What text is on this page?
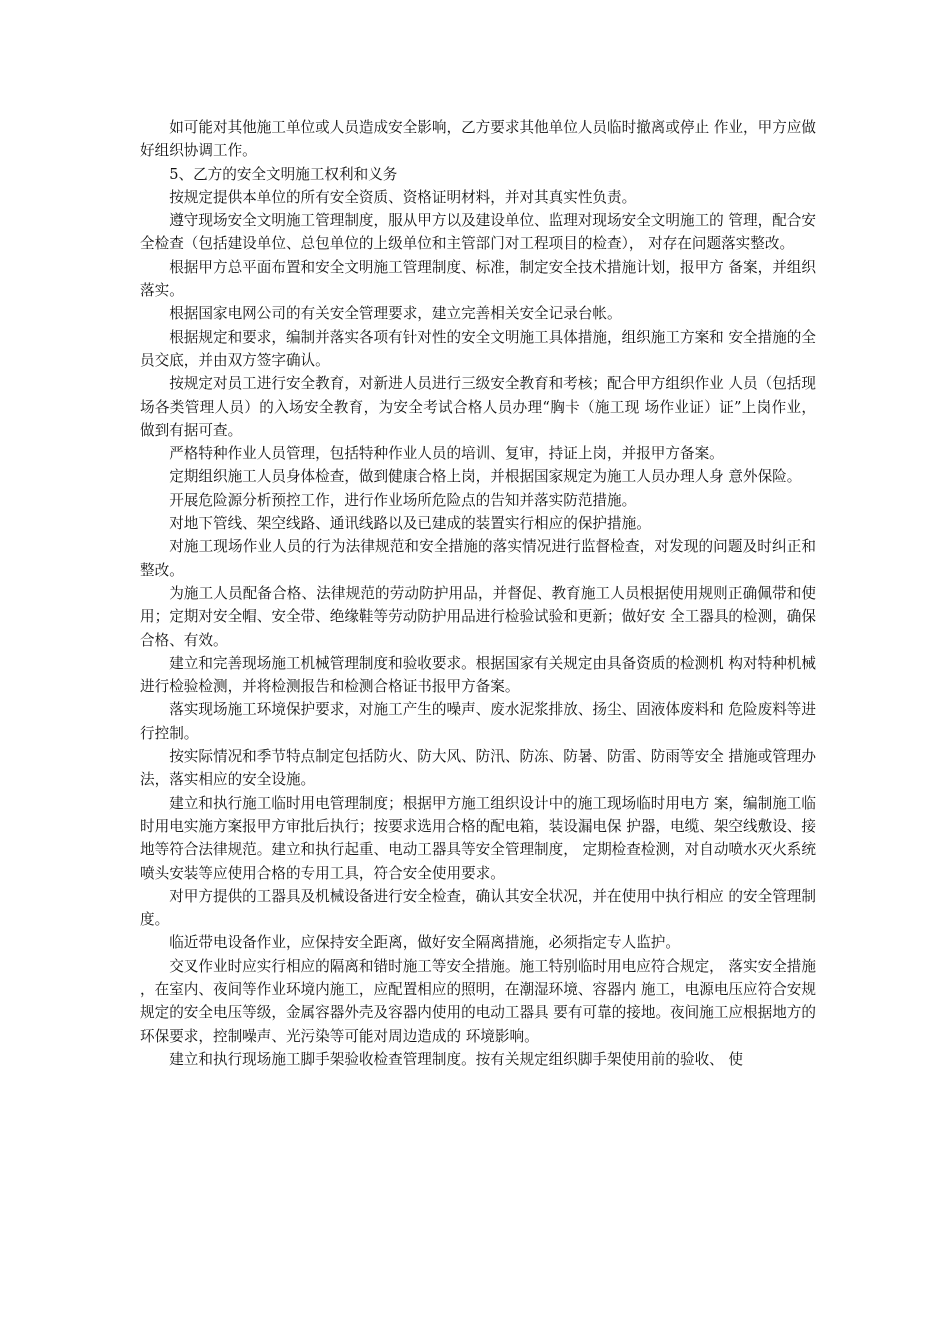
如可能对其他施工单位或人员造成安全影响，乙方要求其他单位人员临时撤离或停止 作业，甲方应做好组织协调工作。

5、乙方的安全文明施工权利和义务

按规定提供本单位的所有安全资质、资格证明材料，并对其真实性负责。

遵守现场安全文明施工管理制度，服从甲方以及建设单位、监理对现场安全文明施工的 管理，配合安全检查（包括建设单位、总包单位的上级单位和主管部门对工程项目的检查）， 对存在问题落实整改。

根据甲方总平面布置和安全文明施工管理制度、标准，制定安全技术措施计划，报甲方 备案，并组织落实。

根据国家电网公司的有关安全管理要求，建立完善相关安全记录台帐。

根据规定和要求，编制并落实各项有针对性的安全文明施工具体措施，组织施工方案和 安全措施的全员交底，并由双方签字确认。

按规定对员工进行安全教育，对新进人员进行三级安全教育和考核；配合甲方组织作业 人员（包括现场各类管理人员）的入场安全教育，为安全考试合格人员办理“胸卡（施工现 场作业证）证”上岗作业，做到有据可查。

严格特种作业人员管理，包括特种作业人员的培训、复审，持证上岗，并报甲方备案。

定期组织施工人员身体检查，做到健康合格上岗，并根据国家规定为施工人员办理人身 意外保险。

开展危险源分析预控工作，进行作业场所危险点的告知并落实防范措施。

对地下管线、架空线路、通讯线路以及已建成的装置实行相应的保护措施。

对施工现场作业人员的行为法律规范和安全措施的落实情况进行监督检查，对发现的问题及时纠正和整改。

为施工人员配备合格、法律规范的劳动防护用品，并督促、教育施工人员根据使用规则正确佩带和使用；定期对安全帽、安全带、绝缘鞋等劳动防护用品进行检验试验和更新；做好安 全工器具的检测，确保合格、有效。

建立和完善现场施工机械管理制度和验收要求。根据国家有关规定由具备资质的检测机 构对特种机械进行检验检测，并将检测报告和检测合格证书报甲方备案。

落实现场施工环境保护要求，对施工产生的噪声、废水泥浆排放、扬尘、固液体废料和 危险废料等进行控制。

按实际情况和季节特点制定包括防火、防大风、防汛、防冻、防暑、防雷、防雨等安全 措施或管理办法，落实相应的安全设施。

建立和执行施工临时用电管理制度；根据甲方施工组织设计中的施工现场临时用电方 案，编制施工临时用电实施方案报甲方审批后执行；按要求选用合格的配电箱，装设漏电保 护器，电缆、架空线敷设、接地等符合法律规范。建立和执行起重、电动工器具等安全管理制度， 定期检查检测，对自动喷水灭火系统喷头安装等应使用合格的专用工具，符合安全使用要求。

对甲方提供的工器具及机械设备进行安全检查，确认其安全状况，并在使用中执行相应 的安全管理制度。

临近带电设备作业，应保持安全距离，做好安全隔离措施，必须指定专人监护。

交叉作业时应实行相应的隔离和错时施工等安全措施。施工特别临时用电应符合规定， 落实安全措施，在室内、夜间等作业环境内施工，应配置相应的照明，在潮湿环境、容器内 施工，电源电压应符合安规规定的安全电压等级，金属容器外壳及容器内使用的电动工器具 要有可靠的接地。夜间施工应根据地方的环保要求，控制噪声、光污染等可能对周边造成的 环境影响。

建立和执行现场施工脚手架验收检查管理制度。按有关规定组织脚手架使用前的验收、 使
